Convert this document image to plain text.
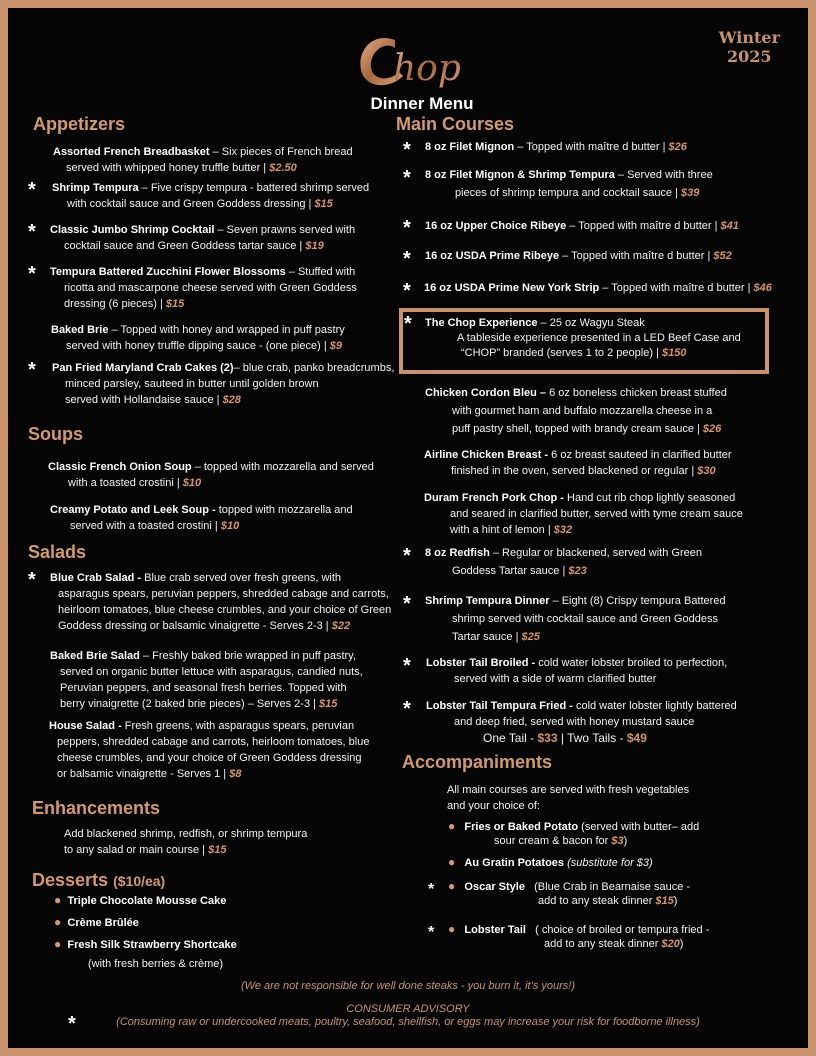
hop
Dinner Menu
Winter
2025
Appetizers
Assorted French Breadbasket – Six pieces of French bread
served with whipped honey truffle butter | $2.50
* Shrimp Tempura – Five crispy tempura - battered shrimp served
with cocktail sauce and Green Goddess dressing | $15
* Classic Jumbo Shrimp Cocktail – Seven prawns served with
cocktail sauce and Green Goddess tartar sauce | $19
* Tempura Battered Zucchini Flower Blossoms – Stuffed with
ricotta and mascarpone cheese served with Green Goddess
dressing (6 pieces) | $15
Baked Brie – Topped with honey and wrapped in puff pastry
served with honey truffle dipping sauce - (one piece) | $9
* Pan Fried Maryland Crab Cakes (2)– blue crab, panko breadcrumbs,
minced parsley, sauteed in butter until golden brown
served with Hollandaise sauce | $28
Soups
Classic French Onion Soup – topped with mozzarella and served
with a toasted crostini | $10
Creamy Potato and Leek Soup - topped with mozzarella and
served with a toasted crostini | $10
Salads
* Blue Crab Salad - Blue crab served over fresh greens, with
asparagus spears, peruvian peppers, shredded cabage and carrots,
heirloom tomatoes, blue cheese crumbles, and your choice of Green
Goddess dressing or balsamic vinaigrette - Serves 2-3 | $22
Baked Brie Salad – Freshly baked brie wrapped in puff pastry,
served on organic butter lettuce with asparagus, candied nuts,
Peruvian peppers, and seasonal fresh berries. Topped with
berry vinaigrette (2 baked brie pieces) – Serves 2-3 | $15
House Salad - Fresh greens, with asparagus spears, peruvian
peppers, shredded cabage and carrots, heirloom tomatoes, blue
cheese crumbles, and your choice of Green Goddess dressing
or balsamic vinaigrette - Serves 1 | $8
Enhancements
Add blackened shrimp, redfish, or shrimp tempura
to any salad or main course | $15
Desserts ($10/ea)
● Triple Chocolate Mousse Cake
● Crème Brûlée
● Fresh Silk Strawberry Shortcake
(with fresh berries & crème)
Main Courses
* 8 oz Filet Mignon – Topped with maître d butter | $26
* 8 oz Filet Mignon & Shrimp Tempura – Served with three
pieces of shrimp tempura and cocktail sauce | $39
* 16 oz Upper Choice Ribeye – Topped with maître d butter | $41
* 16 oz USDA Prime Ribeye – Topped with maître d butter | $52
* 16 oz USDA Prime New York Strip – Topped with maître d butter | $46
* The Chop Experience – 25 oz Wagyu Steak
A tableside experience presented in a LED Beef Case and
“CHOP” branded (serves 1 to 2 people) | $150
Chicken Cordon Bleu – 6 oz boneless chicken breast stuffed
with gourmet ham and buffalo mozzarella cheese in a
puff pastry shell, topped with brandy cream sauce | $26
Airline Chicken Breast - 6 oz breast sauteed in clarified butter
finished in the oven, served blackened or regular | $30
Duram French Pork Chop - Hand cut rib chop lightly seasoned
and seared in clarified butter, served with tyme cream sauce
with a hint of lemon | $32
* 8 oz Redfish – Regular or blackened, served with Green
Goddess Tartar sauce | $23
* Shrimp Tempura Dinner – Eight (8) Crispy tempura Battered
shrimp served with cocktail sauce and Green Goddess
Tartar sauce | $25
* Lobster Tail Broiled - cold water lobster broiled to perfection,
served with a side of warm clarified butter
* Lobster Tail Tempura Fried - cold water lobster lightly battered
and deep fried, served with honey mustard sauce
One Tail - $33 | Two Tails - $49
Accompaniments
All main courses are served with fresh vegetables
and your choice of:
● Fries or Baked Potato (served with butter– add
sour cream & bacon for $3)
● Au Gratin Potatoes (substitute for $3)
* ● Oscar Style (Blue Crab in Bearnaise sauce -
add to any steak dinner $15)
* ● Lobster Tail ( choice of broiled or tempura fried -
add to any steak dinner $20)
(We are not responsible for well done steaks - you burn it, it’s yours!)
CONSUMER ADVISORY
*	(Consuming raw or undercooked meats, poultry, seafood, shellfish, or eggs may increase your risk for foodborne illness)
